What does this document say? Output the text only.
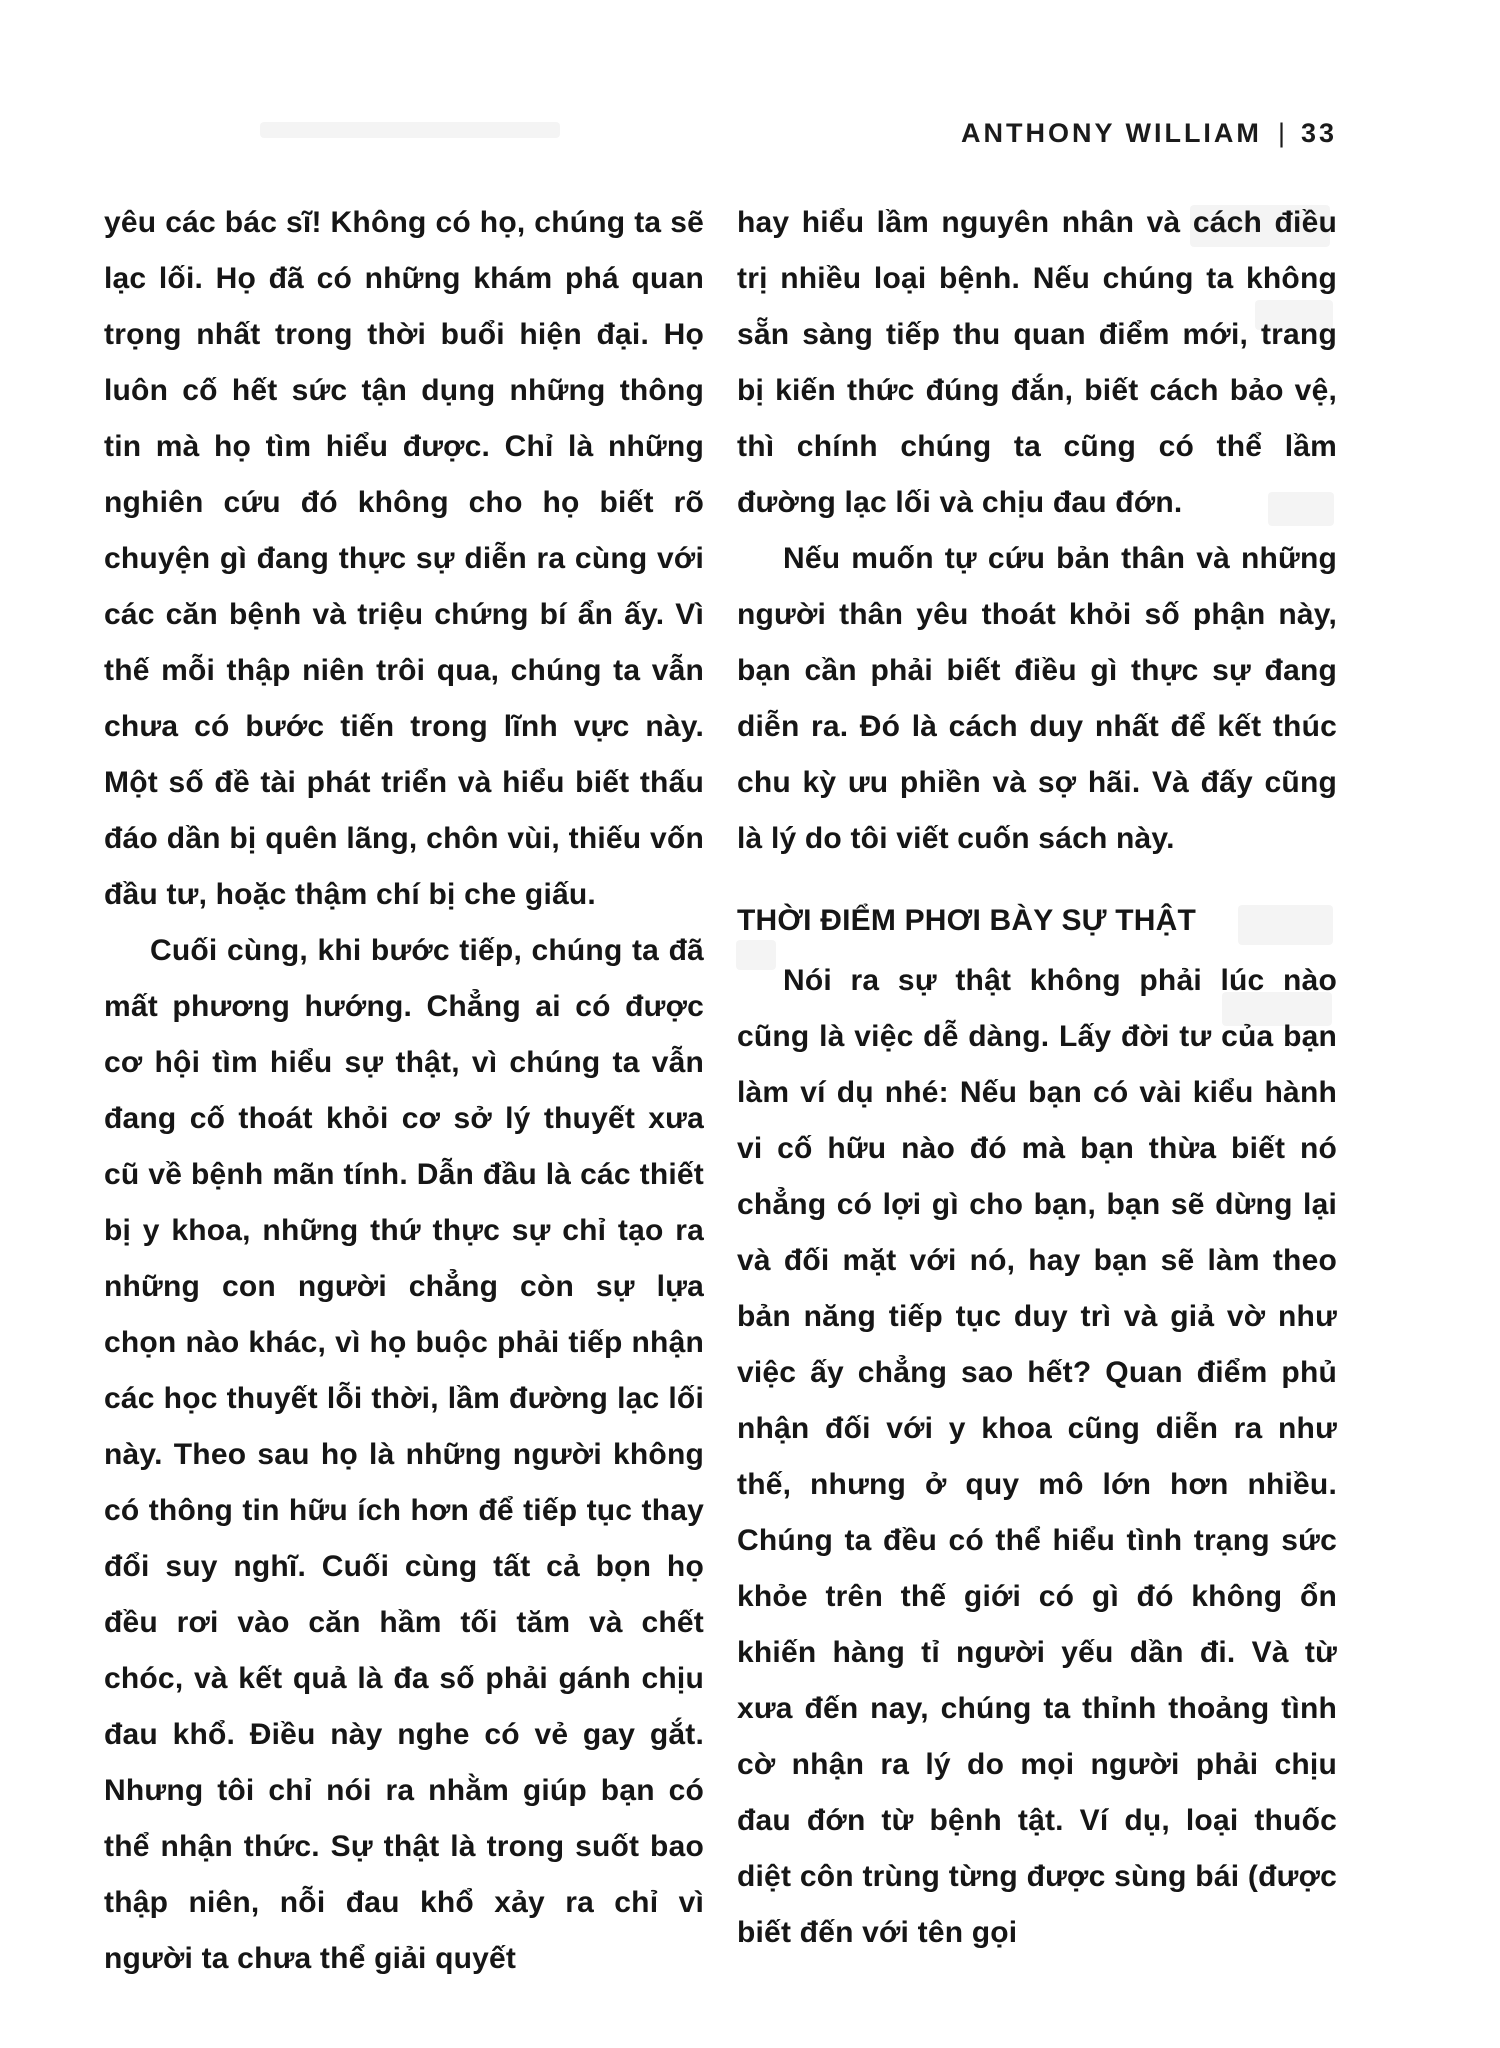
ANTHONY WILLIAM | 33

yêu các bác sĩ! Không có họ, chúng ta sẽ lạc lối. Họ đã có những khám phá quan trọng nhất trong thời buổi hiện đại. Họ luôn cố hết sức tận dụng những thông tin mà họ tìm hiểu được. Chỉ là những nghiên cứu đó không cho họ biết rõ chuyện gì đang thực sự diễn ra cùng với các căn bệnh và triệu chứng bí ẩn ấy. Vì thế mỗi thập niên trôi qua, chúng ta vẫn chưa có bước tiến trong lĩnh vực này. Một số đề tài phát triển và hiểu biết thấu đáo dần bị quên lãng, chôn vùi, thiếu vốn đầu tư, hoặc thậm chí bị che giấu.

Cuối cùng, khi bước tiếp, chúng ta đã mất phương hướng. Chẳng ai có được cơ hội tìm hiểu sự thật, vì chúng ta vẫn đang cố thoát khỏi cơ sở lý thuyết xưa cũ về bệnh mãn tính. Dẫn đầu là các thiết bị y khoa, những thứ thực sự chỉ tạo ra những con người chẳng còn sự lựa chọn nào khác, vì họ buộc phải tiếp nhận các học thuyết lỗi thời, lầm đường lạc lối này. Theo sau họ là những người không có thông tin hữu ích hơn để tiếp tục thay đổi suy nghĩ. Cuối cùng tất cả bọn họ đều rơi vào căn hầm tối tăm và chết chóc, và kết quả là đa số phải gánh chịu đau khổ. Điều này nghe có vẻ gay gắt. Nhưng tôi chỉ nói ra nhằm giúp bạn có thể nhận thức. Sự thật là trong suốt bao thập niên, nỗi đau khổ xảy ra chỉ vì người ta chưa thể giải quyết

hay hiểu lầm nguyên nhân và cách điều trị nhiều loại bệnh. Nếu chúng ta không sẵn sàng tiếp thu quan điểm mới, trang bị kiến thức đúng đắn, biết cách bảo vệ, thì chính chúng ta cũng có thể lầm đường lạc lối và chịu đau đớn.

Nếu muốn tự cứu bản thân và những người thân yêu thoát khỏi số phận này, bạn cần phải biết điều gì thực sự đang diễn ra. Đó là cách duy nhất để kết thúc chu kỳ ưu phiền và sợ hãi. Và đấy cũng là lý do tôi viết cuốn sách này.

THỜI ĐIỂM PHƠI BÀY SỰ THẬT

Nói ra sự thật không phải lúc nào cũng là việc dễ dàng. Lấy đời tư của bạn làm ví dụ nhé: Nếu bạn có vài kiểu hành vi cố hữu nào đó mà bạn thừa biết nó chẳng có lợi gì cho bạn, bạn sẽ dừng lại và đối mặt với nó, hay bạn sẽ làm theo bản năng tiếp tục duy trì và giả vờ như việc ấy chẳng sao hết? Quan điểm phủ nhận đối với y khoa cũng diễn ra như thế, nhưng ở quy mô lớn hơn nhiều. Chúng ta đều có thể hiểu tình trạng sức khỏe trên thế giới có gì đó không ổn khiến hàng tỉ người yếu dần đi. Và từ xưa đến nay, chúng ta thỉnh thoảng tình cờ nhận ra lý do mọi người phải chịu đau đớn từ bệnh tật. Ví dụ, loại thuốc diệt côn trùng từng được sùng bái (được biết đến với tên gọi
